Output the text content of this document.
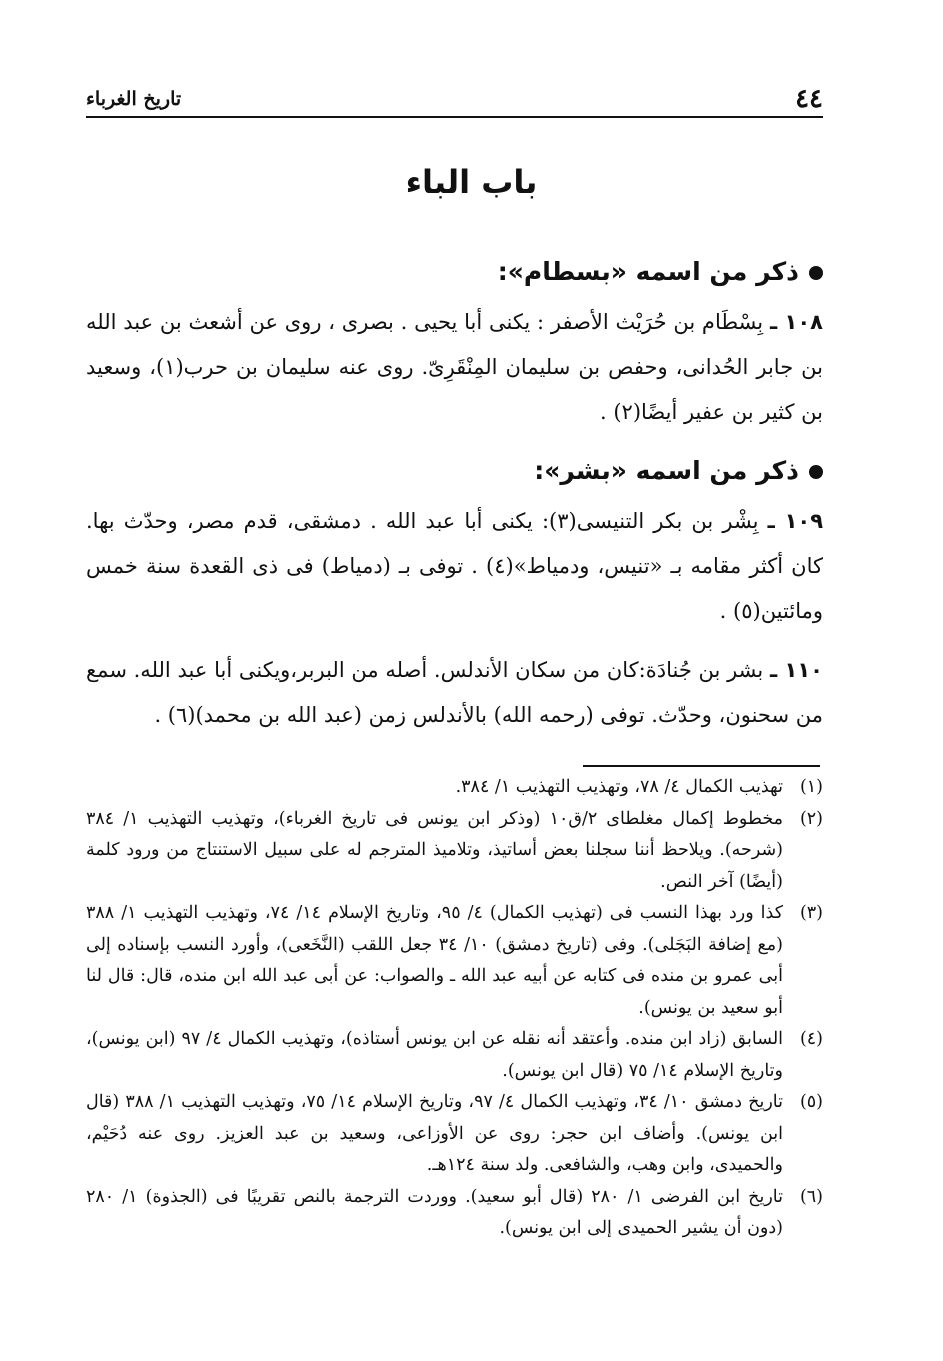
٤٤
تاريخ الغرباء
باب الباء
ذكر من اسمه «بسطام»:

١٠٨ ـ بِسْطَام بن حُرَيْث الأصفر : يكنى أبا يحيى . بصرى ، روى عن أشعث بن عبد الله بن جابر الحُدانى، وحفص بن سليمان المِنْقَرِىّ. روى عنه سليمان بن حرب(١)، وسعيد بن كثير بن عفير أيضًا(٢) .

ذكر من اسمه «بشر»:

١٠٩ ـ بِشْر بن بكر التنيسى(٣): يكنى أبا عبد الله . دمشقى، قدم مصر، وحدّث بها. كان أكثر مقامه بـ «تنيس، ودمياط»(٤) . توفى بـ (دمياط) فى ذى القعدة سنة خمس ومائتين(٥) .

١١٠ ـ بشر بن جُنادَة:كان من سكان الأندلس. أصله من البربر،ويكنى أبا عبد الله. سمع من سحنون، وحدّث. توفى (رحمه الله) بالأندلس زمن (عبد الله بن محمد)(٦) .

(١)
تهذيب الكمال ٤/ ٧٨، وتهذيب التهذيب ١/ ٣٨٤.

(٢)
مخطوط إكمال مغلطاى ٢/ق١٠ (وذكر ابن يونس فى تاريخ الغرباء)، وتهذيب التهذيب ١/ ٣٨٤ (شرحه). ويلاحظ أننا سجلنا بعض أساتيذ، وتلاميذ المترجم له على سبيل الاستنتاج من ورود كلمة (أيضًا) آخر النص.

(٣)
كذا ورد بهذا النسب فى (تهذيب الكمال) ٤/ ٩٥، وتاريخ الإسلام ١٤/ ٧٤، وتهذيب التهذيب ١/ ٣٨٨ (مع إضافة البَجَلى). وفى (تاريخ دمشق) ١٠/ ٣٤ جعل اللقب (النَّخَعى)، وأورد النسب بإسناده إلى أبى عمرو بن منده فى كتابه عن أبيه عبد الله ـ والصواب: عن أبى عبد الله ابن منده، قال: قال لنا أبو سعيد بن يونس).

(٤)
السابق (زاد ابن منده. وأعتقد أنه نقله عن ابن يونس أستاذه)، وتهذيب الكمال ٤/ ٩٧ (ابن يونس)، وتاريخ الإسلام ١٤/ ٧٥ (قال ابن يونس).

(٥)
تاريخ دمشق ١٠/ ٣٤، وتهذيب الكمال ٤/ ٩٧، وتاريخ الإسلام ١٤/ ٧٥، وتهذيب التهذيب ١/ ٣٨٨ (قال ابن يونس). وأضاف ابن حجر: روى عن الأوزاعى، وسعيد بن عبد العزيز. روى عنه دُحَيْم، والحميدى، وابن وهب، والشافعى. ولد سنة ١٢٤هـ.

(٦)
تاريخ ابن الفرضى ١/ ٢٨٠ (قال أبو سعيد). ووردت الترجمة بالنص تقريبًا فى (الجذوة) ١/ ٢٨٠ (دون أن يشير الحميدى إلى ابن يونس).
